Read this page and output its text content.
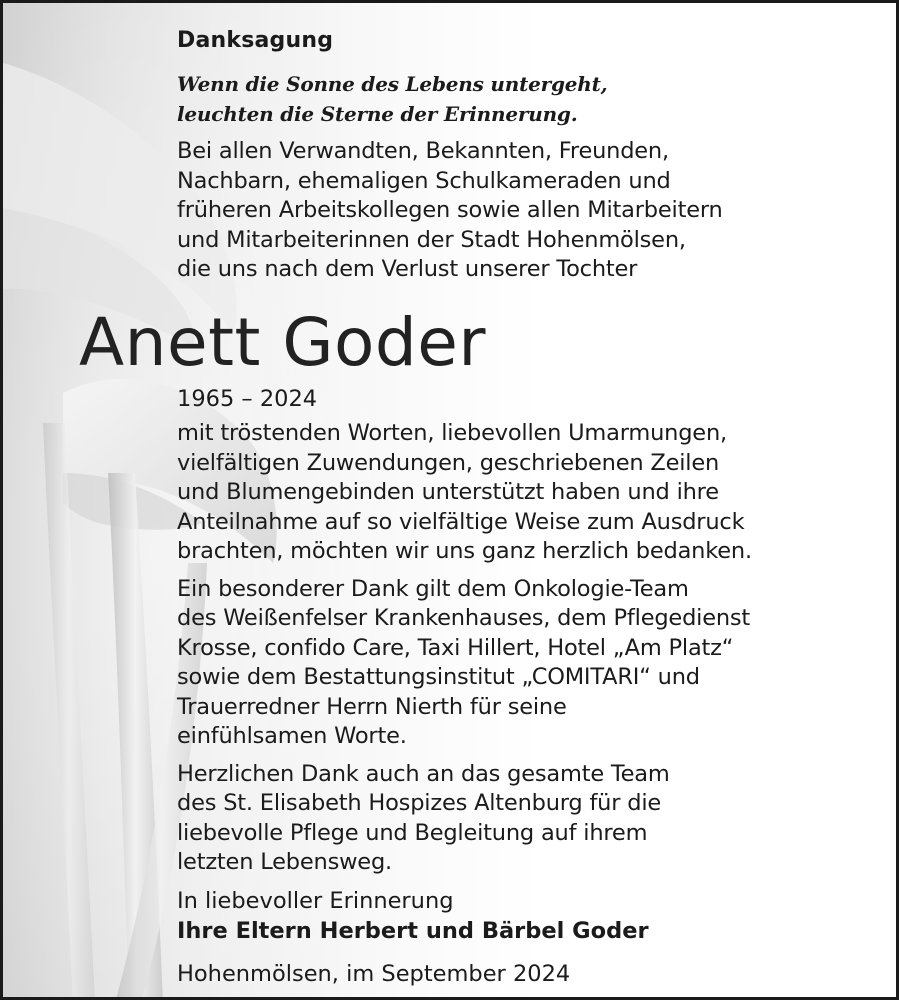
Danksagung
Wenn die Sonne des Lebens untergeht,
leuchten die Sterne der Erinnerung.
Bei allen Verwandten, Bekannten, Freunden,
Nachbarn, ehemaligen Schulkameraden und
früheren Arbeitskollegen sowie allen Mitarbeitern
und Mitarbeiterinnen der Stadt Hohenmölsen,
die uns nach dem Verlust unserer Tochter
Anett Goder
1965 – 2024
mit tröstenden Worten, liebevollen Umarmungen,
vielfältigen Zuwendungen, geschriebenen Zeilen
und Blumengebinden unterstützt haben und ihre
Anteilnahme auf so vielfältige Weise zum Ausdruck
brachten, möchten wir uns ganz herzlich bedanken.
Ein besonderer Dank gilt dem Onkologie-Team
des Weißenfelser Krankenhauses, dem Pflegedienst
Krosse, confido Care, Taxi Hillert, Hotel „Am Platz“
sowie dem Bestattungsinstitut „COMITARI“ und
Trauerredner Herrn Nierth für seine
einfühlsamen Worte.
Herzlichen Dank auch an das gesamte Team
des St. Elisabeth Hospizes Altenburg für die
liebevolle Pflege und Begleitung auf ihrem
letzten Lebensweg.
In liebevoller Erinnerung
Ihre Eltern Herbert und Bärbel Goder
Hohenmölsen, im September 2024
